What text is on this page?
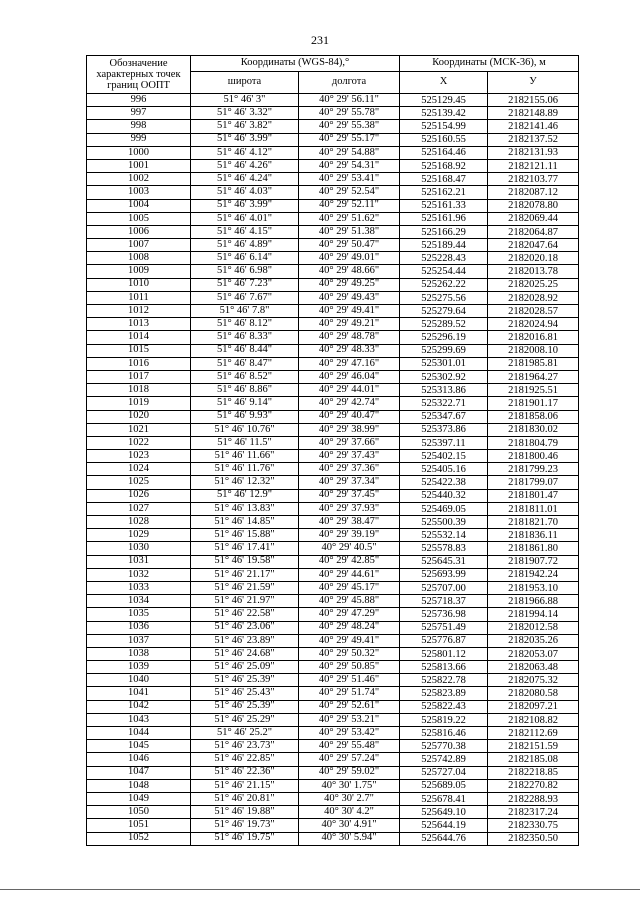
231
Обозначение характерных точек границ ООПТ	Координаты (WGS-84),°		Координаты (МСК-36), м	
	широта	долгота	X	У
996	51° 46' 3"	40° 29' 56.11"	525129.45	2182155.06
997	51° 46' 3.32"	40° 29' 55.78"	525139.42	2182148.89
998	51° 46' 3.82"	40° 29' 55.38"	525154.99	2182141.46
999	51° 46' 3.99"	40° 29' 55.17"	525160.55	2182137.52
1000	51° 46' 4.12"	40° 29' 54.88"	525164.46	2182131.93
1001	51° 46' 4.26"	40° 29' 54.31"	525168.92	2182121.11
1002	51° 46' 4.24"	40° 29' 53.41"	525168.47	2182103.77
1003	51° 46' 4.03"	40° 29' 52.54"	525162.21	2182087.12
1004	51° 46' 3.99"	40° 29' 52.11"	525161.33	2182078.80
1005	51° 46' 4.01"	40° 29' 51.62"	525161.96	2182069.44
1006	51° 46' 4.15"	40° 29' 51.38"	525166.29	2182064.87
1007	51° 46' 4.89"	40° 29' 50.47"	525189.44	2182047.64
1008	51° 46' 6.14"	40° 29' 49.01"	525228.43	2182020.18
1009	51° 46' 6.98"	40° 29' 48.66"	525254.44	2182013.78
1010	51° 46' 7.23"	40° 29' 49.25"	525262.22	2182025.25
1011	51° 46' 7.67"	40° 29' 49.43"	525275.56	2182028.92
1012	51° 46' 7.8"	40° 29' 49.41"	525279.64	2182028.57
1013	51° 46' 8.12"	40° 29' 49.21"	525289.52	2182024.94
1014	51° 46' 8.33"	40° 29' 48.78"	525296.19	2182016.81
1015	51° 46' 8.44"	40° 29' 48.33"	525299.69	2182008.10
1016	51° 46' 8.47"	40° 29' 47.16"	525301.01	2181985.81
1017	51° 46' 8.52"	40° 29' 46.04"	525302.92	2181964.27
1018	51° 46' 8.86"	40° 29' 44.01"	525313.86	2181925.51
1019	51° 46' 9.14"	40° 29' 42.74"	525322.71	2181901.17
1020	51° 46' 9.93"	40° 29' 40.47"	525347.67	2181858.06
1021	51° 46' 10.76"	40° 29' 38.99"	525373.86	2181830.02
1022	51° 46' 11.5"	40° 29' 37.66"	525397.11	2181804.79
1023	51° 46' 11.66"	40° 29' 37.43"	525402.15	2181800.46
1024	51° 46' 11.76"	40° 29' 37.36"	525405.16	2181799.23
1025	51° 46' 12.32"	40° 29' 37.34"	525422.38	2181799.07
1026	51° 46' 12.9"	40° 29' 37.45"	525440.32	2181801.47
1027	51° 46' 13.83"	40° 29' 37.93"	525469.05	2181811.01
1028	51° 46' 14.85"	40° 29' 38.47"	525500.39	2181821.70
1029	51° 46' 15.88"	40° 29' 39.19"	525532.14	2181836.11
1030	51° 46' 17.41"	40° 29' 40.5"	525578.83	2181861.80
1031	51° 46' 19.58"	40° 29' 42.85"	525645.31	2181907.72
1032	51° 46' 21.17"	40° 29' 44.61"	525693.99	2181942.24
1033	51° 46' 21.59"	40° 29' 45.17"	525707.00	2181953.10
1034	51° 46' 21.97"	40° 29' 45.88"	525718.37	2181966.88
1035	51° 46' 22.58"	40° 29' 47.29"	525736.98	2181994.14
1036	51° 46' 23.06"	40° 29' 48.24"	525751.49	2182012.58
1037	51° 46' 23.89"	40° 29' 49.41"	525776.87	2182035.26
1038	51° 46' 24.68"	40° 29' 50.32"	525801.12	2182053.07
1039	51° 46' 25.09"	40° 29' 50.85"	525813.66	2182063.48
1040	51° 46' 25.39"	40° 29' 51.46"	525822.78	2182075.32
1041	51° 46' 25.43"	40° 29' 51.74"	525823.89	2182080.58
1042	51° 46' 25.39"	40° 29' 52.61"	525822.43	2182097.21
1043	51° 46' 25.29"	40° 29' 53.21"	525819.22	2182108.82
1044	51° 46' 25.2"	40° 29' 53.42"	525816.46	2182112.69
1045	51° 46' 23.73"	40° 29' 55.48"	525770.38	2182151.59
1046	51° 46' 22.85"	40° 29' 57.24"	525742.89	2182185.08
1047	51° 46' 22.36"	40° 29' 59.02"	525727.04	2182218.85
1048	51° 46' 21.15"	40° 30' 1.75"	525689.05	2182270.82
1049	51° 46' 20.81"	40° 30' 2.7"	525678.41	2182288.93
1050	51° 46' 19.88"	40° 30' 4.2"	525649.10	2182317.24
1051	51° 46' 19.73"	40° 30' 4.91"	525644.19	2182330.75
1052	51° 46' 19.75"	40° 30' 5.94"	525644.76	2182350.50
